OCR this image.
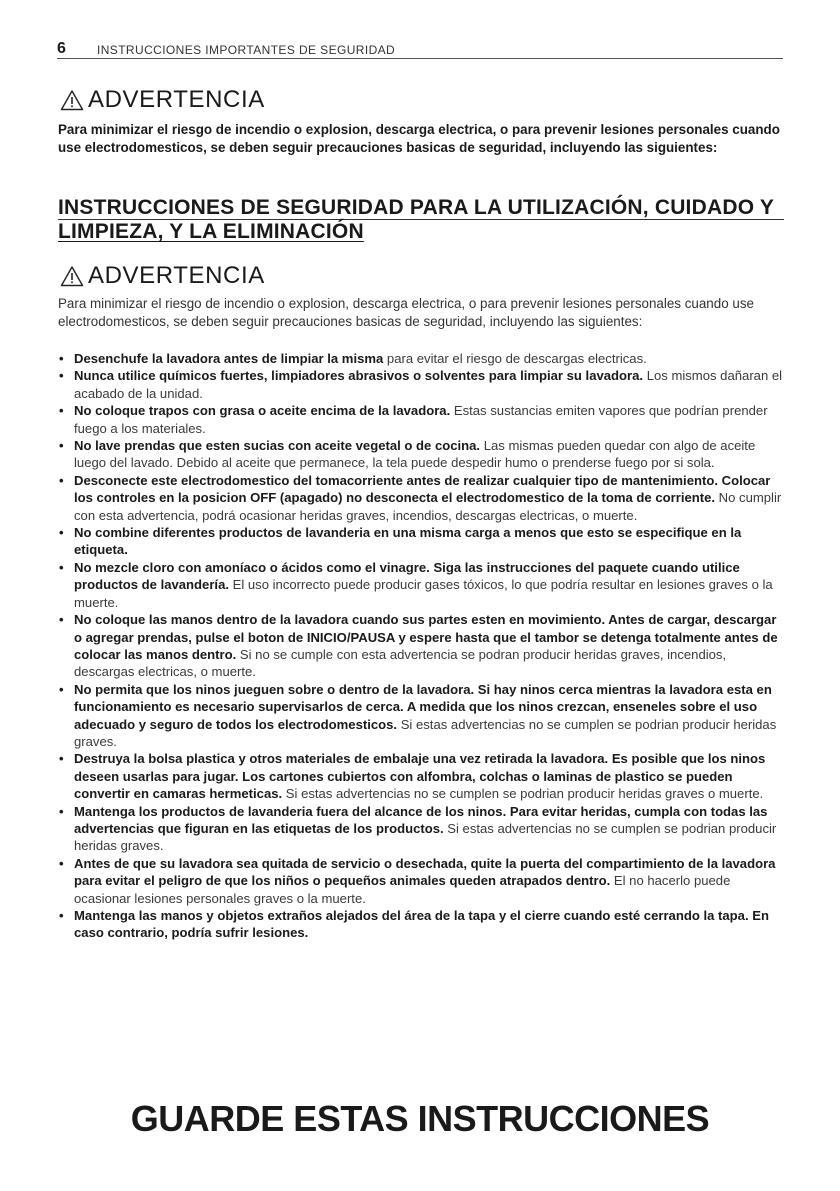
6	INSTRUCCIONES IMPORTANTES DE SEGURIDAD
ADVERTENCIA
Para minimizar el riesgo de incendio o explosion, descarga electrica, o para prevenir lesiones personales cuando use electrodomesticos, se deben seguir precauciones basicas de seguridad, incluyendo las siguientes:
INSTRUCCIONES DE SEGURIDAD PARA LA UTILIZACIÓN, CUIDADO Y
LIMPIEZA, Y LA ELIMINACIÓN
ADVERTENCIA
Para minimizar el riesgo de incendio o explosion, descarga electrica, o para prevenir lesiones personales cuando use electrodomesticos, se deben seguir precauciones basicas de seguridad, incluyendo las siguientes:
• Desenchufe la lavadora antes de limpiar la misma para evitar el riesgo de descargas electricas.
• Nunca utilice químicos fuertes, limpiadores abrasivos o solventes para limpiar su lavadora. Los mismos dañaran el acabado de la unidad.
• No coloque trapos con grasa o aceite encima de la lavadora. Estas sustancias emiten vapores que podrían prender fuego a los materiales.
• No lave prendas que esten sucias con aceite vegetal o de cocina. Las mismas pueden quedar con algo de aceite luego del lavado. Debido al aceite que permanece, la tela puede despedir humo o prenderse fuego por si sola.
• Desconecte este electrodomestico del tomacorriente antes de realizar cualquier tipo de mantenimiento. Colocar los controles en la posicion OFF (apagado) no desconecta el electrodomestico de la toma de corriente. No cumplir con esta advertencia, podrá ocasionar heridas graves, incendios, descargas electricas, o muerte.
• No combine diferentes productos de lavanderia en una misma carga a menos que esto se especifique en la etiqueta.
• No mezcle cloro con amoníaco o ácidos como el vinagre. Siga las instrucciones del paquete cuando utilice productos de lavandería. El uso incorrecto puede producir gases tóxicos, lo que podría resultar en lesiones graves o la muerte.
• No coloque las manos dentro de la lavadora cuando sus partes esten en movimiento. Antes de cargar, descargar o agregar prendas, pulse el boton de INICIO/PAUSA y espere hasta que el tambor se detenga totalmente antes de colocar las manos dentro. Si no se cumple con esta advertencia se podran producir heridas graves, incendios, descargas electricas, o muerte.
• No permita que los ninos jueguen sobre o dentro de la lavadora. Si hay ninos cerca mientras la lavadora esta en funcionamiento es necesario supervisarlos de cerca. A medida que los ninos crezcan, enseneles sobre el uso adecuado y seguro de todos los electrodomesticos. Si estas advertencias no se cumplen se podrian producir heridas graves.
• Destruya la bolsa plastica y otros materiales de embalaje una vez retirada la lavadora. Es posible que los ninos deseen usarlas para jugar. Los cartones cubiertos con alfombra, colchas o laminas de plastico se pueden convertir en camaras hermeticas. Si estas advertencias no se cumplen se podrian producir heridas graves o muerte.
• Mantenga los productos de lavanderia fuera del alcance de los ninos. Para evitar heridas, cumpla con todas las advertencias que figuran en las etiquetas de los productos. Si estas advertencias no se cumplen se podrian producir heridas graves.
• Antes de que su lavadora sea quitada de servicio o desechada, quite la puerta del compartimiento de la lavadora para evitar el peligro de que los niños o pequeños animales queden atrapados dentro. El no hacerlo puede ocasionar lesiones personales graves o la muerte.
• Mantenga las manos y objetos extraños alejados del área de la tapa y el cierre cuando esté cerrando la tapa. En caso contrario, podría sufrir lesiones.
GUARDE ESTAS INSTRUCCIONES
